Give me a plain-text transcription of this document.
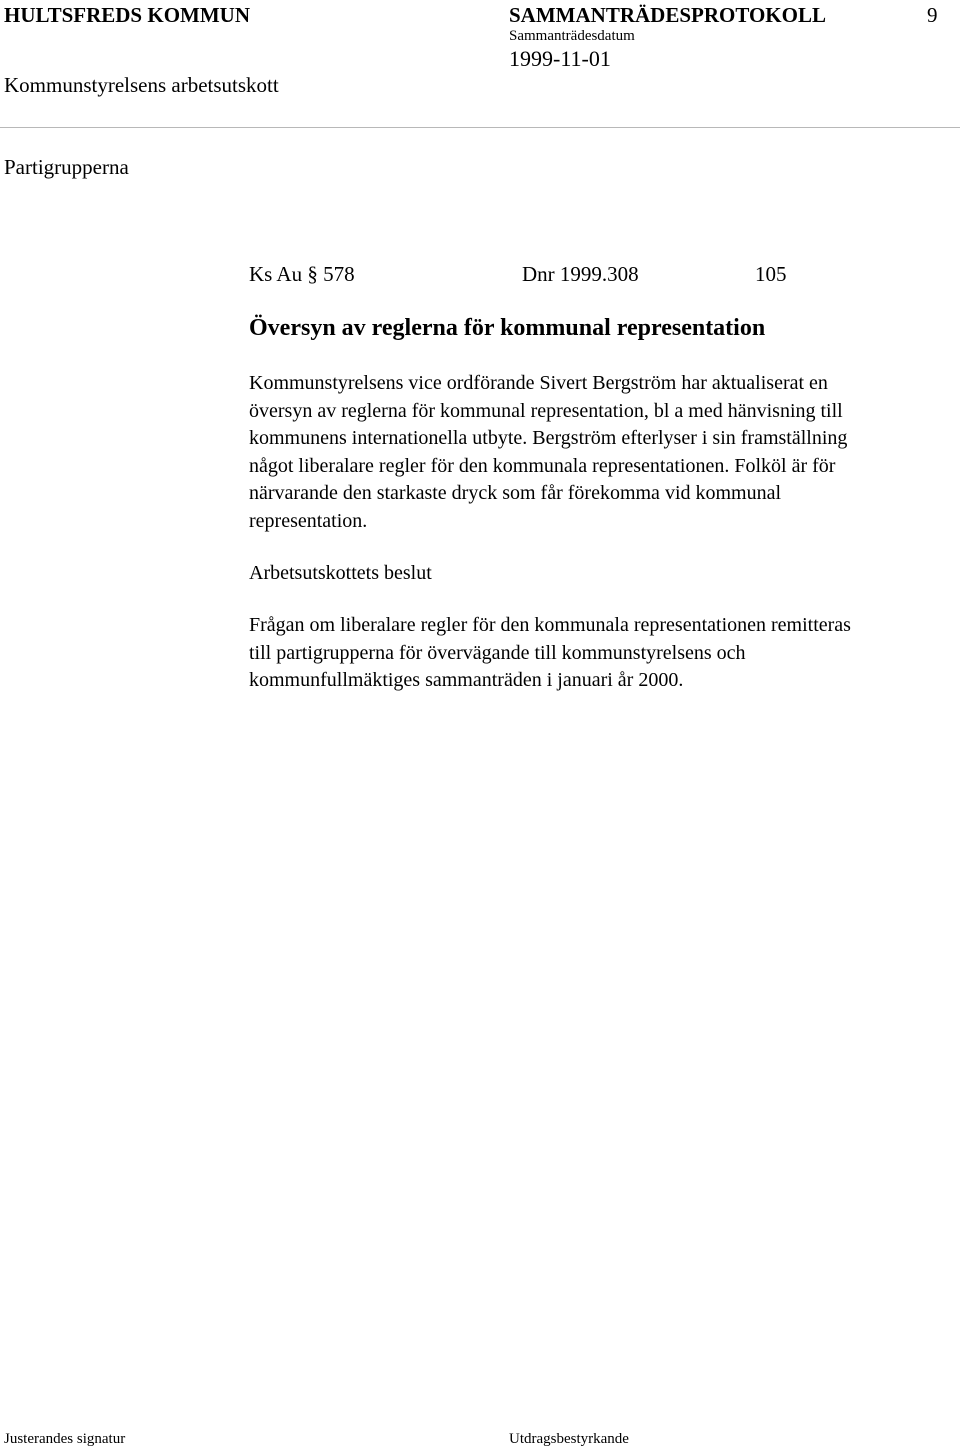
HULTSFREDS KOMMUN	SAMMANTRÄDESPROTOKOLL	9
Sammanträdesdatum
1999-11-01
Kommunstyrelsens arbetsutskott
Partigrupperna
Ks Au § 578	Dnr 1999.308	105
Översyn av reglerna för kommunal representation
Kommunstyrelsens vice ordförande Sivert Bergström har aktualiserat en
översyn av reglerna för kommunal representation, bl a med hänvisning till
kommunens internationella utbyte. Bergström efterlyser i sin framställning
något liberalare regler för den kommunala representationen. Folköl är för
närvarande den starkaste dryck som får förekomma vid kommunal
representation.
Arbetsutskottets beslut
Frågan om liberalare regler för den kommunala representationen remitteras
till partigrupperna för övervägande till kommunstyrelsens och
kommunfullmäktiges sammanträden i januari år 2000.
Justerandes signatur	Utdragsbestyrkande
